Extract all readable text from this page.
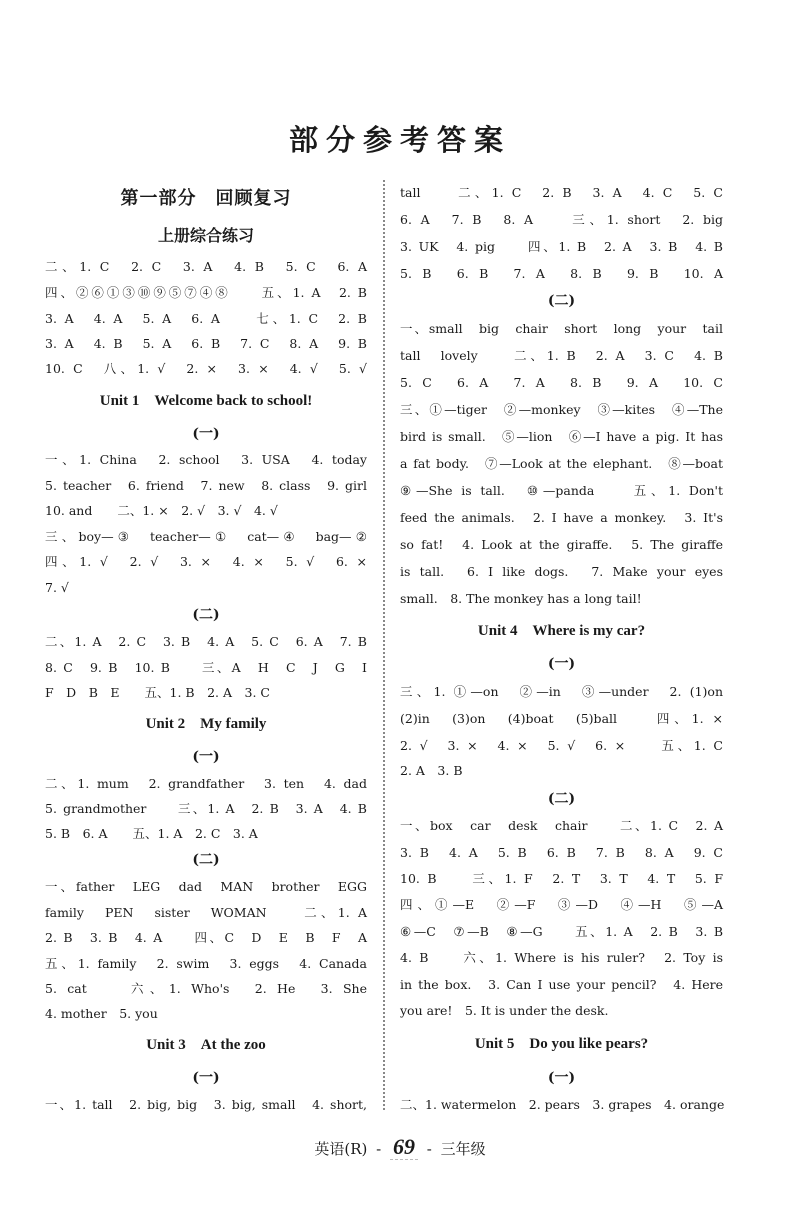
部分参考答案
第一部分　回顾复习
上册综合练习
二、1. C　2. C　3. A　4. B　5. C　6. A
四、②⑥①③⑩⑨⑤⑦④⑧　　五、1. A　2. B
3. A　4. A　5. A　6. A　　七、1. C　2. B
3. A　4. B　5. A　6. B　7. C　8. A　9. B
10. C　八、1. √　2. ×　3. ×　4. √　5. √
Unit 1　Welcome back to school!
(一)
一、1. China　2. school　3. USA　4. today
5. teacher　6. friend　7. new　8. class　9. girl
10. and　　二、1. ×　2. √　3. √　4. √
三、boy—③　teacher—①　cat—④　bag—②
四、1. √　2. √　3. ×　4. ×　5. √　6. ×
7. √
(二)
二、1. A　2. C　3. B　4. A　5. C　6. A　7. B
8. C　9. B　10. B　　三、A　H　C　J　G　I
F　D　B　E　　五、1. B　2. A　3. C
Unit 2　My family
(一)
二、1. mum　2. grandfather　3. ten　4. dad
5. grandmother　　三、1. A　2. B　3. A　4. B
5. B　6. A　　五、1. A　2. C　3. A
(二)
一、father　LEG　dad　MAN　brother　EGG
family　PEN　sister　WOMAN　　二、1. A
2. B　3. B　4. A　　四、C　D　E　B　F　A
五、1. family　2. swim　3. eggs　4. Canada
5. cat　　六、1. Who's　2. He　3. She
4. mother　5. you
Unit 3　At the zoo
(一)
一、1. tall　2. big, big　3. big, small　4. short,
tall　　二、1. C　2. B　3. A　4. C　5. C
6. A　7. B　8. A　　三、1. short　2. big
3. UK　4. pig　　四、1. B　2. A　3. B　4. B
5. B　6. B　7. A　8. B　9. B　10. A
(二)
一、small　big　chair　short　long　your　tail
tall　lovely　　二、1. B　2. A　3. C　4. B
5. C　6. A　7. A　8. B　9. A　10. C
三、①—tiger　②—monkey　③—kites　④—The
bird is small.　⑤—lion　⑥—I have a pig. It has
a fat body.　⑦—Look at the elephant.　⑧—boat
⑨—She is tall.　⑩—panda　　五、1. Don't
feed the animals.　2. I have a monkey.　3. It's
so fat!　4. Look at the giraffe.　5. The giraffe
is tall.　6. I like dogs.　7. Make your eyes
small.　8. The monkey has a long tail!
Unit 4　Where is my car?
(一)
三、1. ①—on　②—in　③—under　2. (1)on
(2)in　(3)on　(4)boat　(5)ball　　四、1. ×
2. √　3. ×　4. ×　5. √　6. ×　　五、1. C
2. A　3. B
(二)
一、box　car　desk　chair　　二、1. C　2. A
3. B　4. A　5. B　6. B　7. B　8. A　9. C
10. B　　三、1. F　2. T　3. T　4. T　5. F
四、①—E　②—F　③—D　④—H　⑤—A
⑥—C　⑦—B　⑧—G　　五、1. A　2. B　3. B
4. B　　六、1. Where is his ruler?　2. Toy is
in the box.　3. Can I use your pencil?　4. Here
you are!　5. It is under the desk.
Unit 5　Do you like pears?
(一)
二、1. watermelon　2. pears　3. grapes　4. orange
英语(R) - 69 - 三年级
